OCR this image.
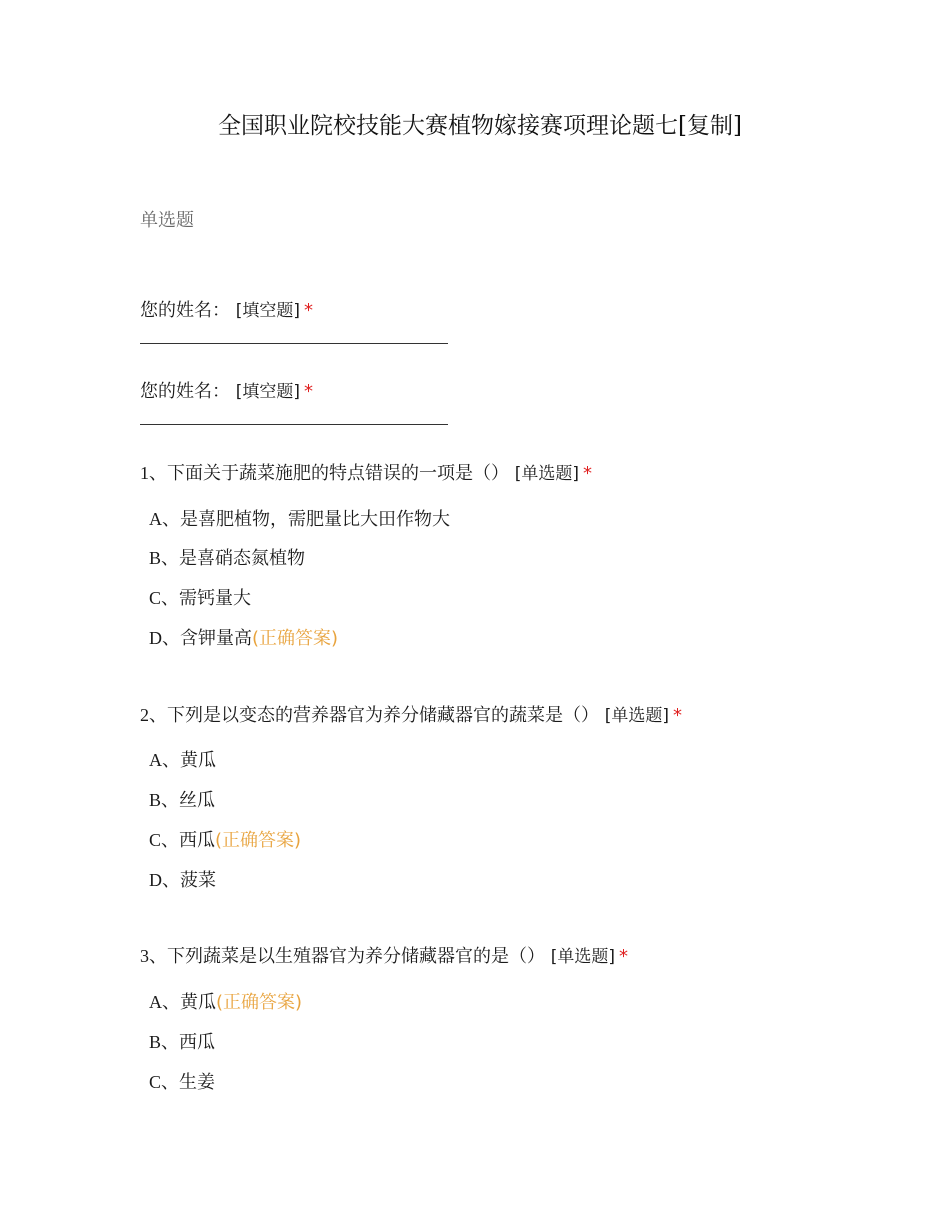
全国职业院校技能大赛植物嫁接赛项理论题七[复制]
单选题
您的姓名： [填空题] *
您的姓名： [填空题] *
1、下面关于蔬菜施肥的特点错误的一项是（） [单选题] *
A、是喜肥植物，需肥量比大田作物大
B、是喜硝态氮植物
C、需钙量大
D、含钾量高(正确答案)
2、下列是以变态的营养器官为养分储藏器官的蔬菜是（） [单选题] *
A、黄瓜
B、丝瓜
C、西瓜(正确答案)
D、菠菜
3、下列蔬菜是以生殖器官为养分储藏器官的是（） [单选题] *
A、黄瓜(正确答案)
B、西瓜
C、生姜
